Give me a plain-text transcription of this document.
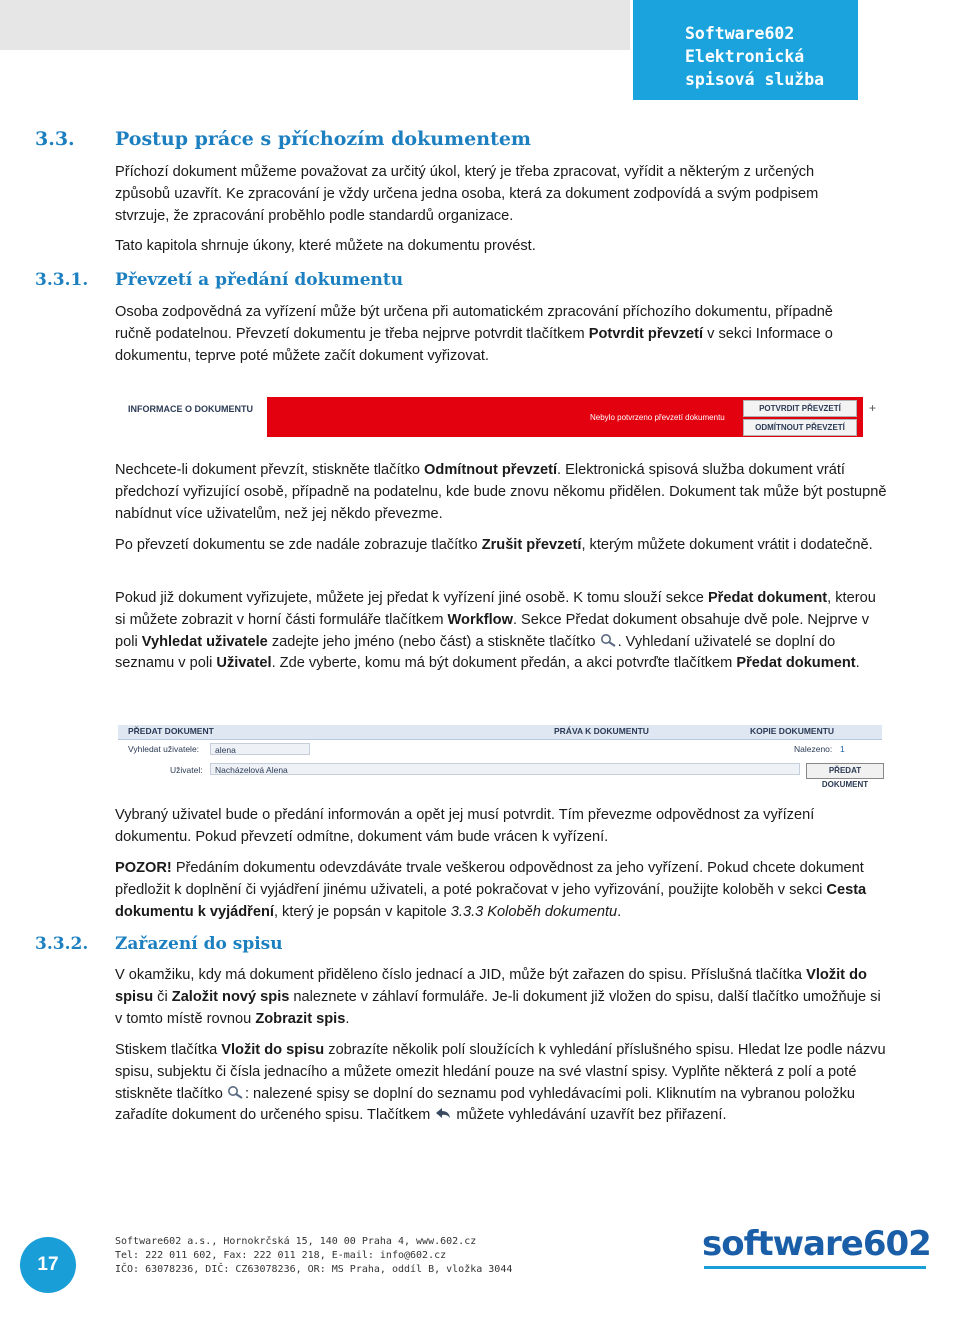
Software602
Elektronická
spisová služba
3.3. Postup práce s příchozím dokumentem
Příchozí dokument můžeme považovat za určitý úkol, který je třeba zpracovat, vyřídit a některým z určených způsobů uzavřít. Ke zpracování je vždy určena jedna osoba, která za dokument zodpovídá a svým podpisem stvrzuje, že zpracování proběhlo podle standardů organizace.
Tato kapitola shrnuje úkony, které můžete na dokumentu provést.
3.3.1. Převzetí a předání dokumentu
Osoba zodpovědná za vyřízení může být určena při automatickém zpracování příchozího dokumentu, případně ručně podatelnou. Převzetí dokumentu je třeba nejprve potvrdit tlačítkem Potvrdit převzetí v sekci Informace o dokumentu, teprve poté můžete začít dokument vyřizovat.
INFORMACE O DOKUMENTU
Nebylo potvrzeno převzetí dokumentu
POTVRDIT PŘEVZETÍ
ODMÍTNOUT PŘEVZETÍ
+
Nechcete-li dokument převzít, stiskněte tlačítko Odmítnout převzetí. Elektronická spisová služba dokument vrátí předchozí vyřizující osobě, případně na podatelnu, kde bude znovu někomu přidělen. Dokument tak může být postupně nabídnut více uživatelům, než jej někdo převezme.
Po převzetí dokumentu se zde nadále zobrazuje tlačítko Zrušit převzetí, kterým můžete dokument vrátit i dodatečně.
Pokud již dokument vyřizujete, můžete jej předat k vyřízení jiné osobě. K tomu slouží sekce Předat dokument, kterou si můžete zobrazit v horní části formuláře tlačítkem Workflow. Sekce Předat dokument obsahuje dvě pole. Nejprve v poli Vyhledat uživatele zadejte jeho jméno (nebo část) a stiskněte tlačítko . Vyhledaní uživatelé se doplní do seznamu v poli Uživatel. Zde vyberte, komu má být dokument předán, a akci potvrďte tlačítkem Předat dokument.
PŘEDAT DOKUMENT	PRÁVA K DOKUMENTU	KOPIE DOKUMENTU
Vyhledat uživatele:	alena	Nalezeno: 1
Uživatel:	Nacházelová Alena	PŘEDAT DOKUMENT
Vybraný uživatel bude o předání informován a opět jej musí potvrdit. Tím převezme odpovědnost za vyřízení dokumentu. Pokud převzetí odmítne, dokument vám bude vrácen k vyřízení.
POZOR! Předáním dokumentu odevzdáváte trvale veškerou odpovědnost za jeho vyřízení. Pokud chcete dokument předložit k doplnění či vyjádření jinému uživateli, a poté pokračovat v jeho vyřizování, použijte koloběh v sekci Cesta dokumentu k vyjádření, který je popsán v kapitole 3.3.3 Koloběh dokumentu.
3.3.2. Zařazení do spisu
V okamžiku, kdy má dokument přiděleno číslo jednací a JID, může být zařazen do spisu. Příslušná tlačítka Vložit do spisu či Založit nový spis naleznete v záhlaví formuláře. Je-li dokument již vložen do spisu, další tlačítko umožňuje si v tomto místě rovnou Zobrazit spis.
Stiskem tlačítka Vložit do spisu zobrazíte několik polí sloužících k vyhledání příslušného spisu. Hledat lze podle názvu spisu, subjektu či čísla jednacího a můžete omezit hledání pouze na své vlastní spisy. Vyplňte některá z polí a poté stiskněte tlačítko : nalezené spisy se doplní do seznamu pod vyhledávacími poli. Kliknutím na vybranou položku zařadíte dokument do určeného spisu. Tlačítkem  můžete vyhledávání uzavřít bez přiřazení.
17
Software602 a.s., Hornokrčská 15, 140 00 Praha 4, www.602.cz
Tel: 222 011 602, Fax: 222 011 218, E-mail: info@602.cz
IČO: 63078236, DIČ: CZ63078236, OR: MS Praha, oddíl B, vložka 3044
software602
